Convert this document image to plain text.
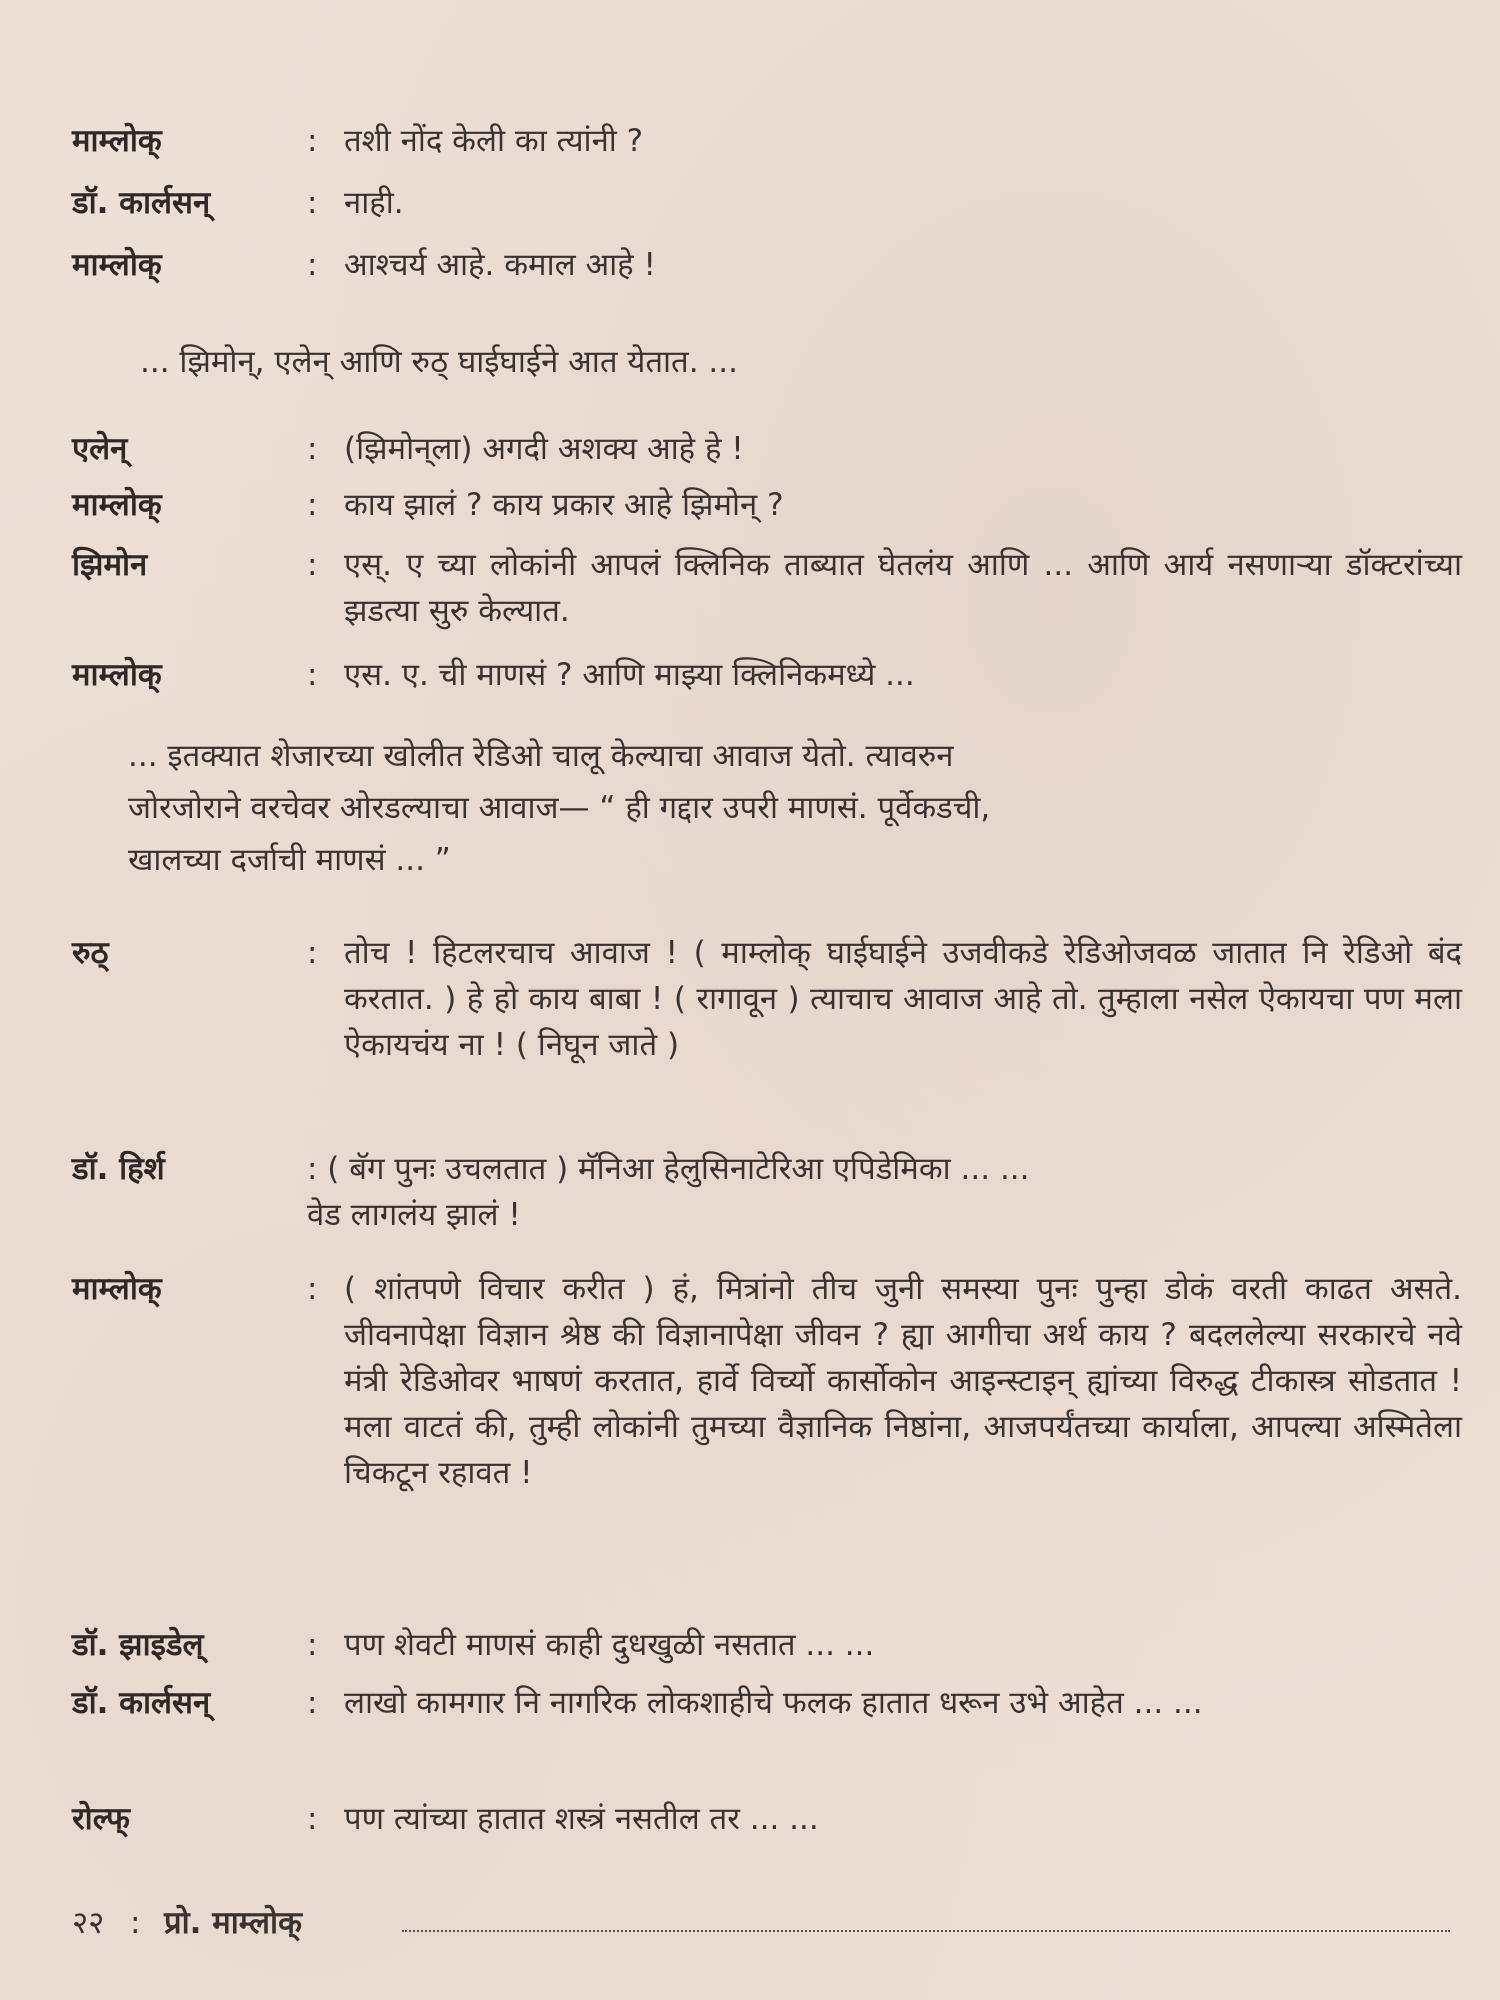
माम्लोक्	: तशी नोंद केली का त्यांनी ?
डॉ. कार्लसन्	: नाही.
माम्लोक्	: आश्चर्य आहे. कमाल आहे !
... झिमोन्, एलेन् आणि रुठ् घाईघाईने आत येतात. ...
एलेन्	: (झिमोन्‌ला) अगदी अशक्य आहे हे !
माम्लोक्	: काय झालं ? काय प्रकार आहे झिमोन् ?
झिमोन	: एस्. ए च्या लोकांनी आपलं क्लिनिक ताब्यात घेतलंय आणि ... आणि आर्य नसणाऱ्या डॉक्टरांच्या झडत्या सुरु केल्यात.
माम्लोक्	: एस. ए. ची माणसं ? आणि माझ्या क्लिनिकमध्ये ...
... इतक्यात शेजारच्या खोलीत रेडिओ चालू केल्याचा आवाज येतो. त्यावरुन
जोरजोराने वरचेवर ओरडल्याचा आवाज— “ ही गद्दार उपरी माणसं. पूर्वेकडची,
खालच्या दर्जाची माणसं ... ”
रुठ्	: तोच ! हिटलरचाच आवाज ! ( माम्लोक् घाईघाईने उजवीकडे रेडिओजवळ जातात नि रेडिओ बंद करतात. ) हे हो काय बाबा ! ( रागावून ) त्याचाच आवाज आहे तो. तुम्हाला नसेल ऐकायचा पण मला ऐकायचंय ना ! ( निघून जाते )
डॉ. हिर्श	: ( बॅग पुनः उचलतात ) मॅनिआ हेलुसिनाटेरिआ एपिडेमिका ... ...
वेड लागलंय झालं !
माम्लोक्	: ( शांतपणे विचार करीत ) हं, मित्रांनो तीच जुनी समस्या पुनः पुन्हा डोकं वरती काढत असते. जीवनापेक्षा विज्ञान श्रेष्ठ की विज्ञानापेक्षा जीवन ? ह्या आगीचा अर्थ काय ? बदललेल्या सरकारचे नवे मंत्री रेडिओवर भाषणं करतात, हार्वे विर्च्यो कार्सोकोन आइन्स्टाइन् ह्यांच्या विरुद्ध टीकास्त्र सोडतात ! मला वाटतं की, तुम्ही लोकांनी तुमच्या वैज्ञानिक निष्ठांना, आजपर्यंतच्या कार्याला, आपल्या अस्मितेला चिकटून रहावत !
डॉ. झाइडेल्	: पण शेवटी माणसं काही दुधखुळी नसतात ... ...
डॉ. कार्लसन्	: लाखो कामगार नि नागरिक लोकशाहीचे फलक हातात धरून उभे आहेत ... ...
रोल्फ्	: पण त्यांच्या हातात शस्त्रं नसतील तर ... ...
२२ : प्रो. माम्लोक्
